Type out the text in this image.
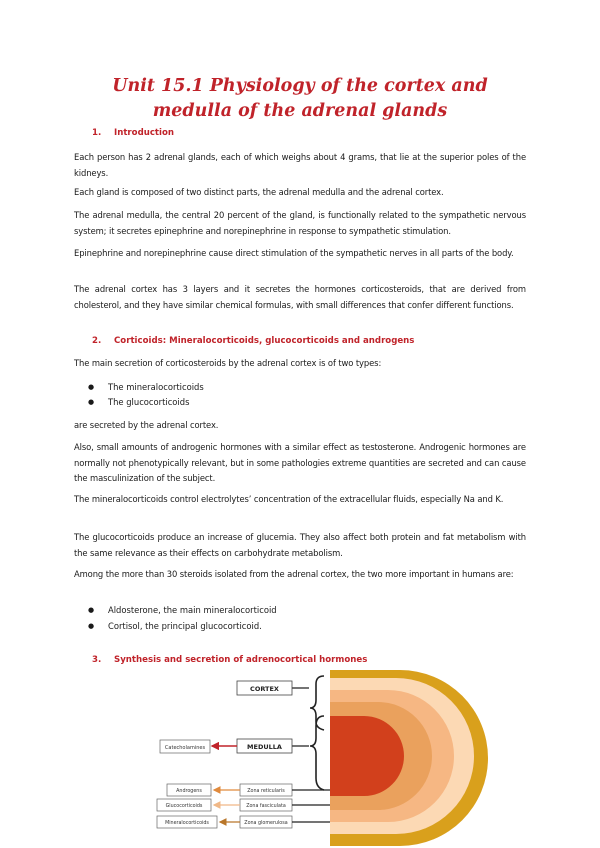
Unit 15.1 Physiology of the cortex and medulla of the adrenal glands
1. Introduction

Each person has 2 adrenal glands, each of which weighs about 4 grams, that lie at the superior poles of the kidneys.

Each gland is composed of two distinct parts, the adrenal medulla and the adrenal cortex.

The adrenal medulla, the central 20 percent of the gland, is functionally related to the sympathetic nervous system; it secretes epinephrine and norepinephrine in response to sympathetic stimulation.

Epinephrine and norepinephrine cause direct stimulation of the sympathetic nerves in all parts of the body.

The adrenal cortex has 3 layers and it secretes the hormones corticosteroids, that are derived from cholesterol, and they have similar chemical formulas, with small differences that confer different functions.

2. Corticoids: Mineralocorticoids, glucocorticoids and androgens

The main secretion of corticosteroids by the adrenal cortex is of two types:

● The mineralocorticoids
● The glucocorticoids

are secreted by the adrenal cortex.

Also, small amounts of androgenic hormones with a similar effect as testosterone. Androgenic hormones are normally not phenotypically relevant, but in some pathologies extreme quantities are secreted and can cause the masculinization of the subject.

The mineralocorticoids control electrolytes’ concentration of the extracellular fluids, especially Na and K.

The glucocorticoids produce an increase of glucemia. They also affect both protein and fat metabolism with the same relevance as their effects on carbohydrate metabolism.

Among the more than 30 steroids isolated from the adrenal cortex, the two more important in humans are:

● Aldosterone, the main mineralocorticoid
● Cortisol, the principal glucocorticoid.
3. Synthesis and secretion of adrenocortical hormones
CORTEX
MEDULLA
Catecholamines
Zona reticularis
Zona fasciculata
Zona glomerulosa
Androgens
Glucocorticoids
Mineralocorticoids
